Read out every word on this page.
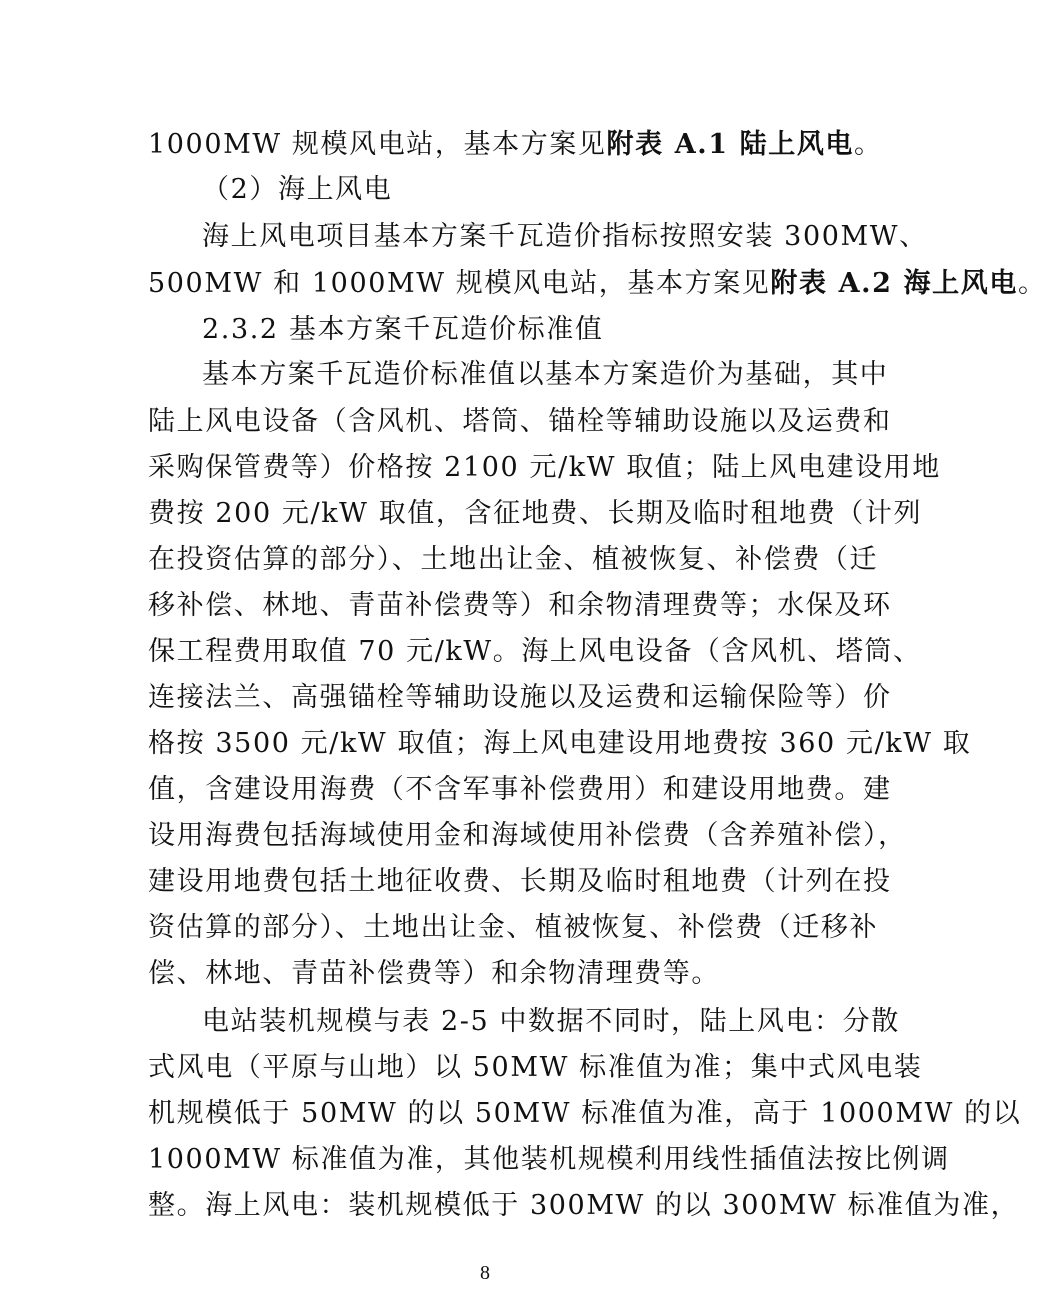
1000MW 规模风电站，基本方案见附表 A.1 陆上风电。
（2）海上风电
海上风电项目基本方案千瓦造价指标按照安装 300MW、
500MW 和 1000MW 规模风电站，基本方案见附表 A.2 海上风电。
2.3.2 基本方案千瓦造价标准值
基本方案千瓦造价标准值以基本方案造价为基础，其中
陆上风电设备（含风机、塔筒、锚栓等辅助设施以及运费和
采购保管费等）价格按 2100 元/kW 取值；陆上风电建设用地
费按 200 元/kW 取值，含征地费、长期及临时租地费（计列
在投资估算的部分）、土地出让金、植被恢复、补偿费（迁
移补偿、林地、青苗补偿费等）和余物清理费等；水保及环
保工程费用取值 70 元/kW。海上风电设备（含风机、塔筒、
连接法兰、高强锚栓等辅助设施以及运费和运输保险等）价
格按 3500 元/kW 取值；海上风电建设用地费按 360 元/kW 取
值，含建设用海费（不含军事补偿费用）和建设用地费。建
设用海费包括海域使用金和海域使用补偿费（含养殖补偿），
建设用地费包括土地征收费、长期及临时租地费（计列在投
资估算的部分）、土地出让金、植被恢复、补偿费（迁移补
偿、林地、青苗补偿费等）和余物清理费等。
电站装机规模与表 2-5 中数据不同时，陆上风电：分散
式风电（平原与山地）以 50MW 标准值为准；集中式风电装
机规模低于 50MW 的以 50MW 标准值为准，高于 1000MW 的以
1000MW 标准值为准，其他装机规模利用线性插值法按比例调
整。海上风电：装机规模低于 300MW 的以 300MW 标准值为准，
8
